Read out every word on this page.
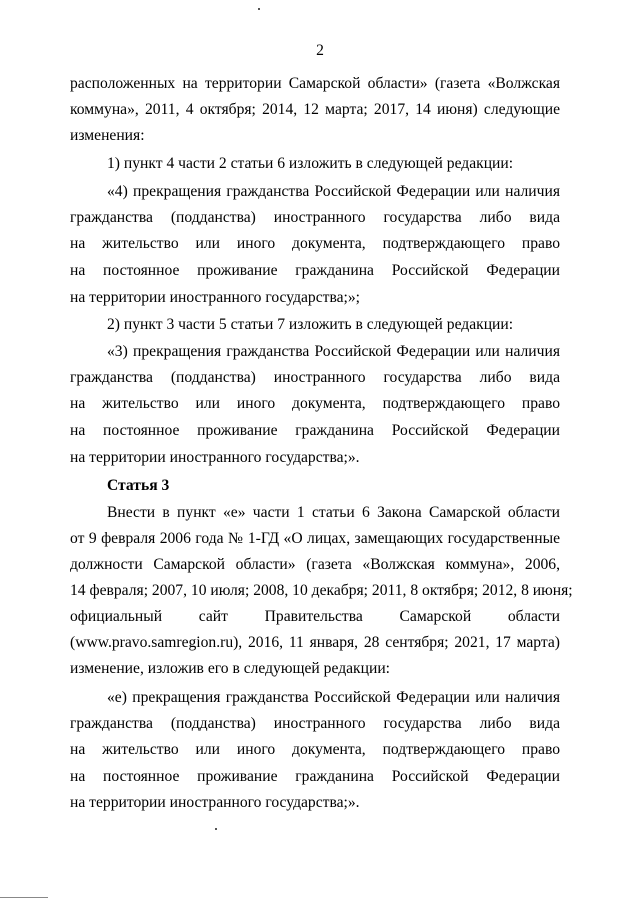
2
расположенных на территории Самарской области» (газета «Волжская
коммуна», 2011, 4 октября; 2014, 12 марта; 2017, 14 июня) следующие
изменения:
1) пункт 4 части 2 статьи 6 изложить в следующей редакции:
«4) прекращения гражданства Российской Федерации или наличия
гражданства (подданства) иностранного государства либо вида
на жительство или иного документа, подтверждающего право
на постоянное проживание гражданина Российской Федерации
на территории иностранного государства;»;
2) пункт 3 части 5 статьи 7 изложить в следующей редакции:
«3) прекращения гражданства Российской Федерации или наличия
гражданства (подданства) иностранного государства либо вида
на жительство или иного документа, подтверждающего право
на постоянное проживание гражданина Российской Федерации
на территории иностранного государства;».
Статья 3
Внести в пункт «е» части 1 статьи 6 Закона Самарской области
от 9 февраля 2006 года № 1-ГД «О лицах, замещающих государственные
должности Самарской области» (газета «Волжская коммуна», 2006,
14 февраля; 2007, 10 июля; 2008, 10 декабря; 2011, 8 октября; 2012, 8 июня;
официальный сайт Правительства Самарской области
(www.pravo.samregion.ru), 2016, 11 января, 28 сентября; 2021, 17 марта)
изменение, изложив его в следующей редакции:
«е) прекращения гражданства Российской Федерации или наличия
гражданства (подданства) иностранного государства либо вида
на жительство или иного документа, подтверждающего право
на постоянное проживание гражданина Российской Федерации
на территории иностранного государства;».
